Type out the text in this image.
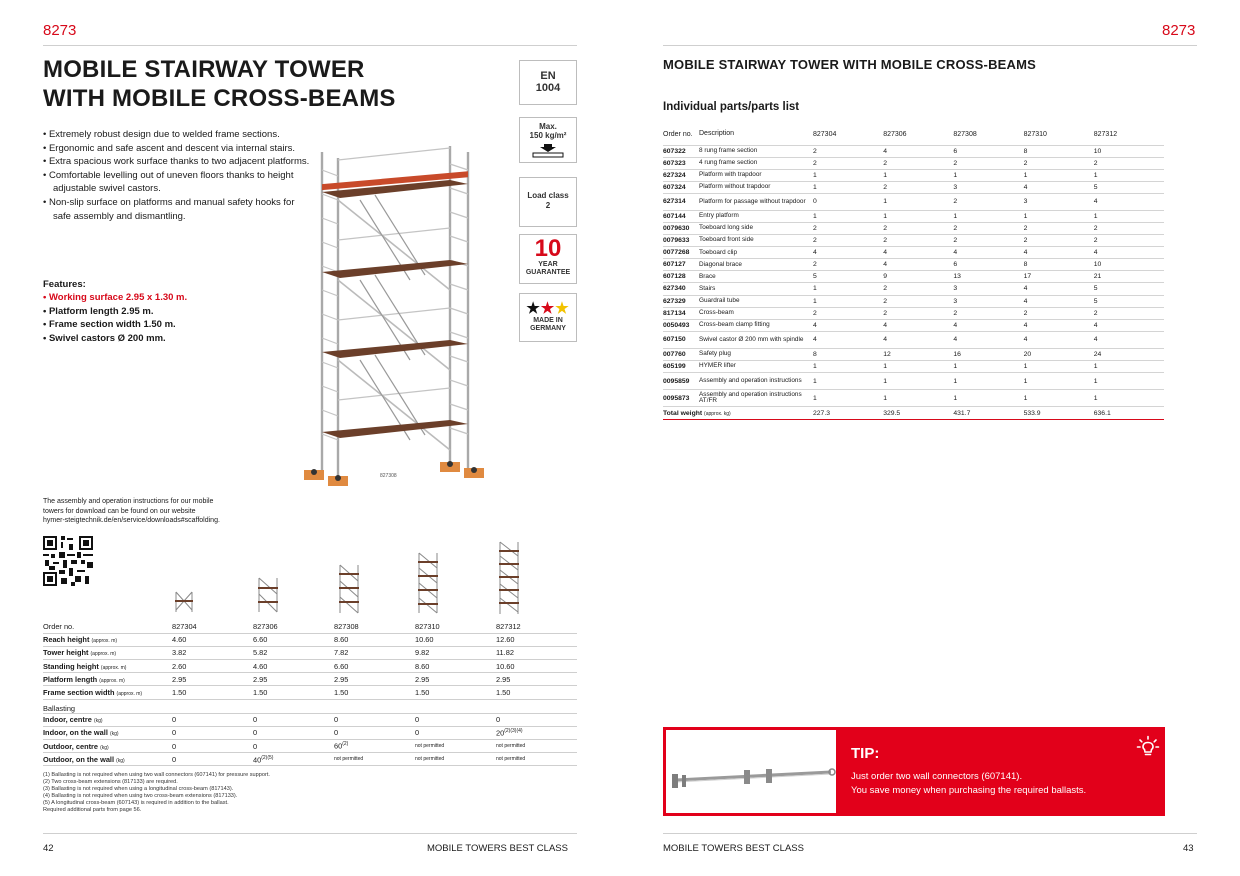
8273
MOBILE STAIRWAY TOWER
WITH MOBILE CROSS-BEAMS
• Extremely robust design due to welded frame sections.
• Ergonomic and safe ascent and descent via internal stairs.
• Extra spacious work surface thanks to two adjacent platforms.
• Comfortable levelling out of uneven floors thanks to height adjustable swivel castors.
• Non-slip surface on platforms and manual safety hooks for safe assembly and dismantling.
Features:
• Working surface 2.95 x 1.30 m.
• Platform length 2.95 m.
• Frame section width 1.50 m.
• Swivel castors Ø 200 mm.
EN
1004
Max.
150 kg/m²
Load class
2
10
YEAR
GUARANTEE
★★★
MADE IN
GERMANY
827308
The assembly and operation instructions for our mobile
towers for download can be found on our website
hymer-steigtechnik.de/en/service/downloads#scaffolding.
Order no.	827304	827306	827308	827310	827312
Reach height (approx. m)	4.60	6.60	8.60	10.60	12.60
Tower height (approx. m)	3.82	5.82	7.82	9.82	11.82
Standing height (approx. m)	2.60	4.60	6.60	8.60	10.60
Platform length (approx. m)	2.95	2.95	2.95	2.95	2.95
Frame section width (approx. m)	1.50	1.50	1.50	1.50	1.50
Ballasting					
Indoor, centre (kg)	0	0	0	0	0
Indoor, on the wall (kg)	0	0	0	0	$20^{(2)(3)(4)}$
Outdoor, centre (kg)	0	0	60$^{(2)}$	not permitted	not permitted
Outdoor, on the wall (kg)	0	$40^{(2)(5)}$	not permitted	not permitted	not permitted
(1) Ballasting is not required when using two wall connectors (607141) for pressure support.
(2) Two cross-beam extensions (817133) are required.
(3) Ballasting is not required when using a longitudinal cross-beam (817143).
(4) Ballasting is not required when using two cross-beam extensions (817133).
(5) A longitudinal cross-beam (607143) is required in addition to the ballast.
Required additional parts from page 56.
42	MOBILE TOWERS BEST CLASS
8273
MOBILE STAIRWAY TOWER WITH MOBILE CROSS-BEAMS
Individual parts/parts list
Order no.	Description	827304	827306	827308	827310	827312
607322	8 rung frame section	2	4	6	8	10
607323	4 rung frame section	2	2	2	2	2
627324	Platform with trapdoor	1	1	1	1	1
607324	Platform without trapdoor	1	2	3	4	5
627314	Platform for passage without trapdoor	0	1	2	3	4
607144	Entry platform	1	1	1	1	1
0079630	Toeboard long side	2	2	2	2	2
0079633	Toeboard front side	2	2	2	2	2
0077268	Toeboard clip	4	4	4	4	4
607127	Diagonal brace	2	4	6	8	10
607128	Brace	5	9	13	17	21
627340	Stairs	1	2	3	4	5
627329	Guardrail tube	1	2	3	4	5
817134	Cross-beam	2	2	2	2	2
0050493	Cross-beam clamp fitting	4	4	4	4	4
607150	Swivel castor Ø 200 mm with spindle	4	4	4	4	4
007760	Safety plug	8	12	16	20	24
605199	HYMER lifter	1	1	1	1	1
0095859	Assembly and operation instructions	1	1	1	1	1
0095873	Assembly and operation instructions AT/FR	1	1	1	1	1
Total weight (approx. kg)		227.3	329.5	431.7	533.9	636.1
TIP:
Just order two wall connectors (607141).
You save money when purchasing the required ballasts.
MOBILE TOWERS BEST CLASS	43
